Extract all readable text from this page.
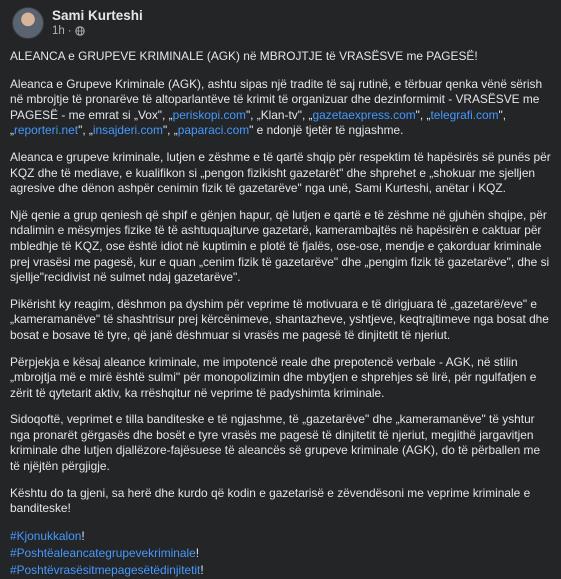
Sami Kurteshi
1h ·

ALEANCA e GRUPEVE KRIMINALE (AGK) në MBROJTJE të VRASËSVE me PAGESË!

Aleanca e Grupeve Kriminale (AGK), ashtu sipas një tradite të saj rutinë, e tërbuar qenka vënë sërish në mbrojtje të pronarëve të altoparlantëve të krimit të organizuar dhe dezinformimit - VRASËSVE me PAGESË - me emrat si „Vox", „periskopi.com", „Klan-tv", „gazetaexpress.com", „telegrafi.com", „reporteri.net", „insajderi.com", „paparaci.com" e ndonjë tjetër të ngjashme.

Aleanca e grupeve kriminale, lutjen e zëshme e të qartë shqip për respektim të hapësirës së punës për KQZ dhe të mediave, e kualifikon si „pengon fizikisht gazetarët" dhe shprehet e „shokuar me sjelljen agresive dhe dënon ashpër cenimin fizik të gazetarëve" nga unë, Sami Kurteshi, anëtar i KQZ.

Një qenie a grup qeniesh që shpif e gënjen hapur, që lutjen e qartë e të zëshme në gjuhën shqipe, për ndalimin e mësymjes fizike të të ashtuquajturve gazetarë, kamerambajtës në hapësirën e caktuar për mbledhje të KQZ, ose është idiot në kuptimin e plotë të fjalës, ose-ose, mendje e çakorduar kriminale prej vrasësi me pagesë, kur e quan „cenim fizik të gazetarëve" dhe „pengim fizik të gazetarëve", dhe si sjellje"recidivist në sulmet ndaj gazetarëve".

Pikërisht ky reagim, dëshmon pa dyshim për veprime të motivuara e të dirigjuara të „gazetarë/eve" e „kameramanëve" të shashtrisur prej kërcënimeve, shantazheve, yshtjeve, keqtrajtimeve nga bosat dhe bosat e bosave të tyre, që janë dëshmuar si vrasës me pagesë të dinjitetit të njeriut.

Përpjekja e kësaj aleance kriminale, me impotencë reale dhe prepotencë verbale - AGK, në stilin „mbrojtja më e mirë është sulmi" për monopolizimin dhe mbytjen e shprehjes së lirë, për ngulfatjen e zërit të qytetarit aktiv, ka rrëshqitur në veprime të padyshimta kriminale.

Sidoqoftë, veprimet e tilla banditeske e të ngjashme, të „gazetarëve" dhe „kameramanëve" të yshtur nga pronarët gërgasës dhe bosët e tyre vrasës me pagesë të dinjitetit të njeriut, megjithë jargavitjen kriminale dhe lutjen djallëzore-fajësuese të aleancës së grupeve kriminale (AGK), do të përballen me të njëjtën përgjigje.

Kështu do ta gjeni, sa herë dhe kurdo që kodin e gazetarisë e zëvendësoni me veprime kriminale e banditeske!

#Kjonukkalon!

#Poshtëaleancategrupevekriminale!

#Poshtëvrasësitmepagesëtëdinjitetit!
